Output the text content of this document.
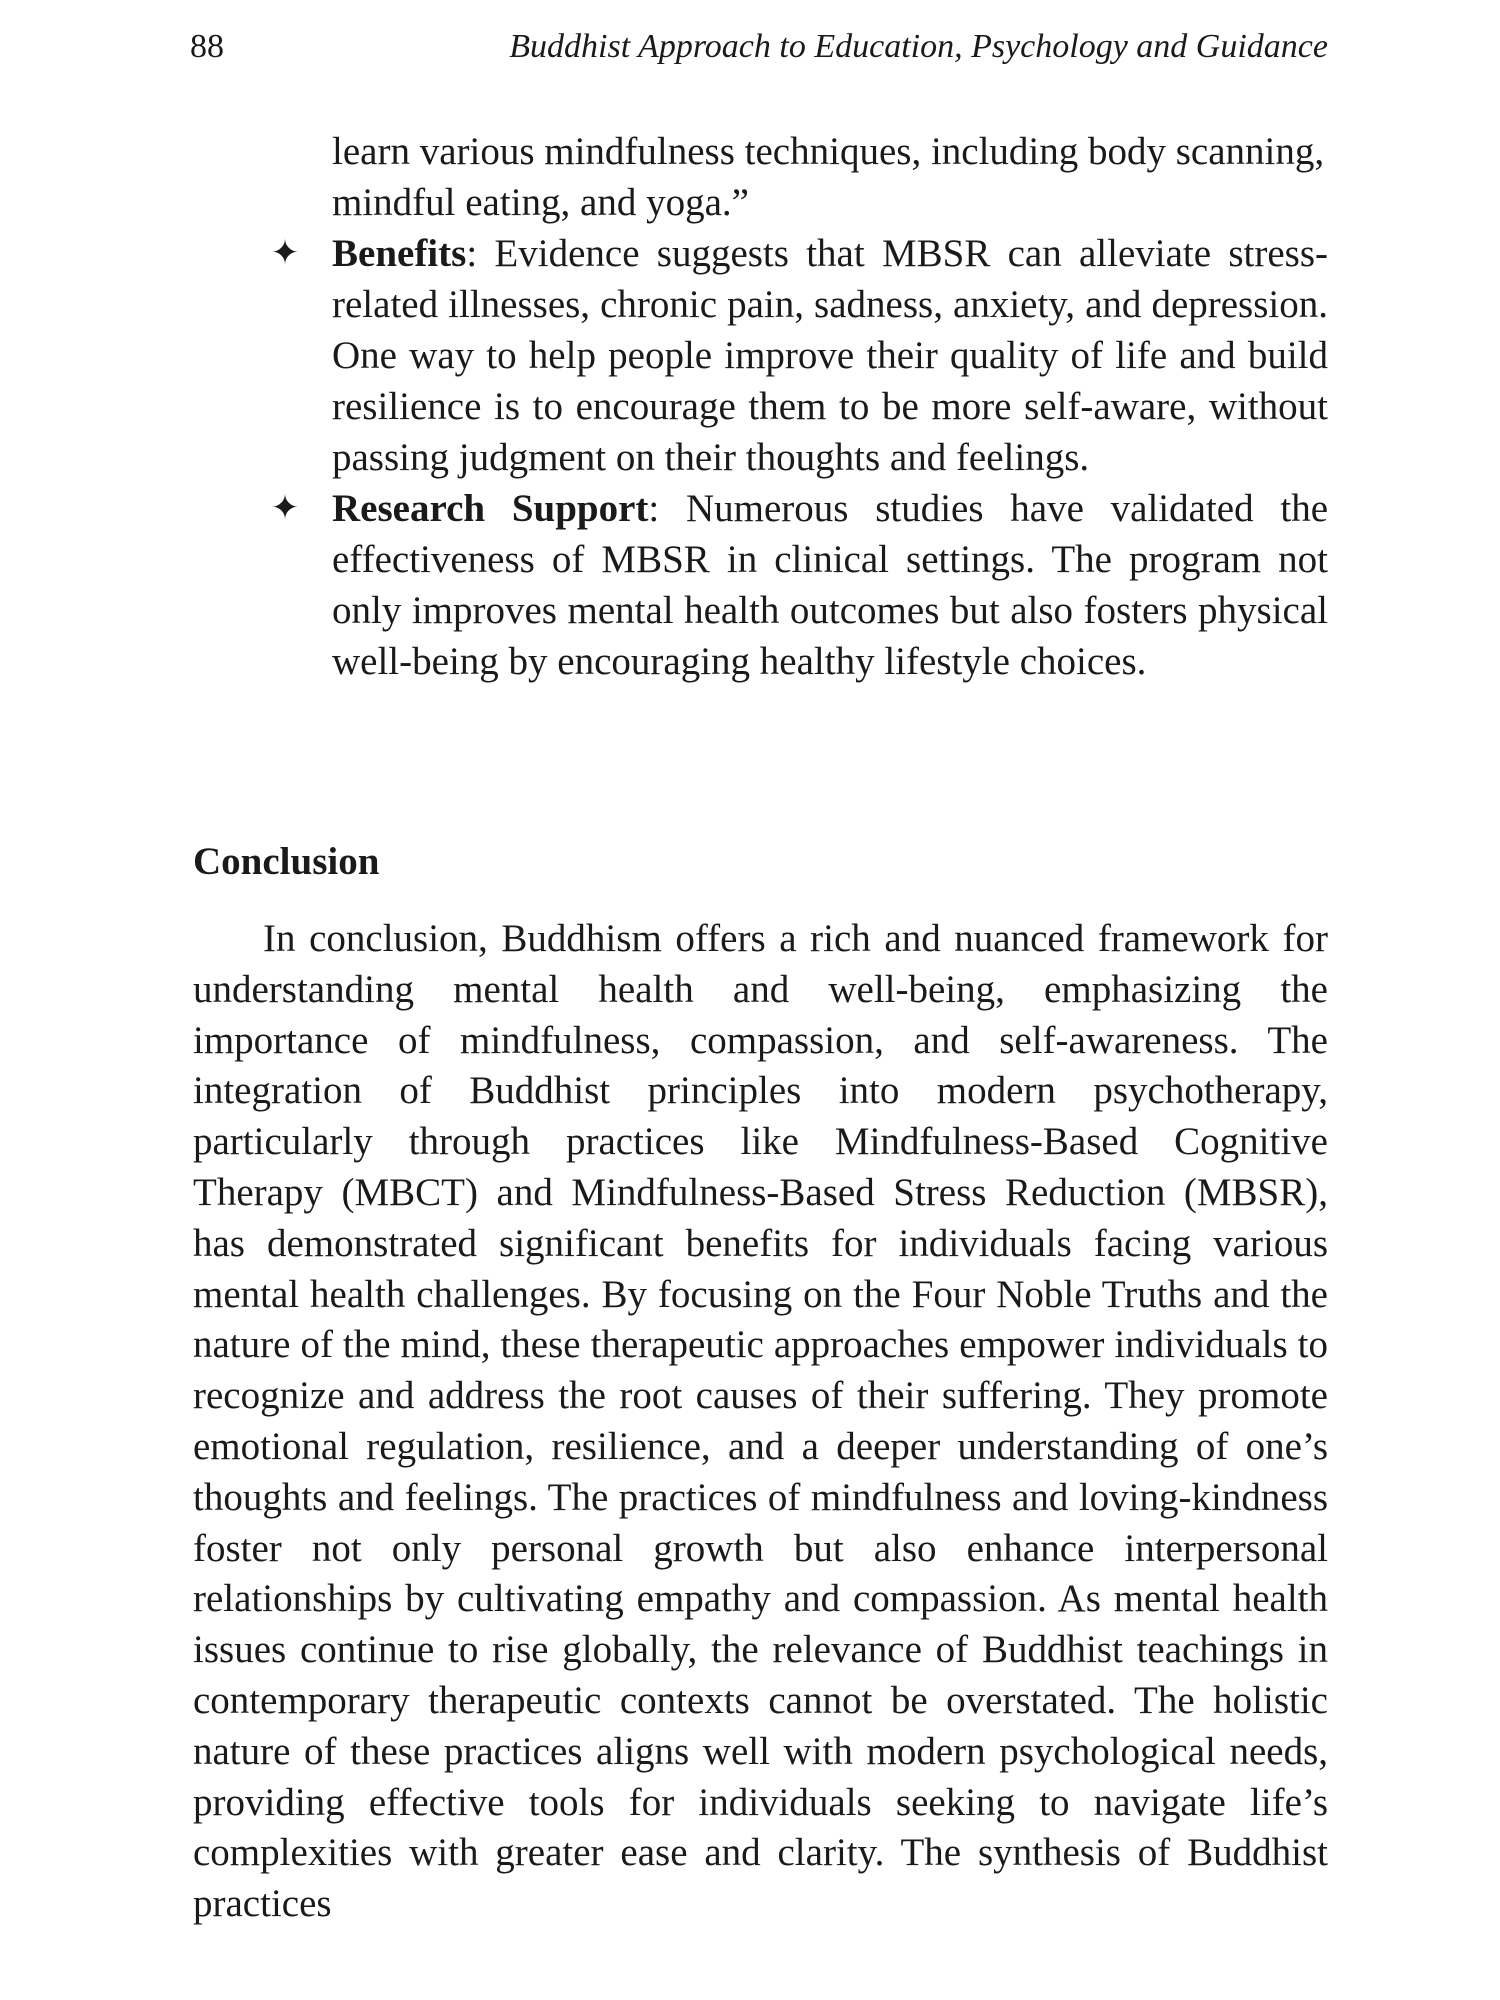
88	Buddhist Approach to Education, Psychology and Guidance

learn various mindfulness techniques, including body scanning, mindful eating, and yoga.”

✦ Benefits: Evidence suggests that MBSR can alleviate stress-related illnesses, chronic pain, sadness, anxiety, and depression. One way to help people improve their quality of life and build resilience is to encourage them to be more self-aware, without passing judgment on their thoughts and feelings.

✦ Research Support: Numerous studies have validated the effectiveness of MBSR in clinical settings. The program not only improves mental health outcomes but also fosters physical well-being by encouraging healthy lifestyle choices.

Conclusion

In conclusion, Buddhism offers a rich and nuanced framework for understanding mental health and well-being, emphasizing the importance of mindfulness, compassion, and self-awareness. The integration of Buddhist principles into modern psychotherapy, particularly through practices like Mindfulness-Based Cognitive Therapy (MBCT) and Mindfulness-Based Stress Reduction (MBSR), has demonstrated significant benefits for individuals facing various mental health challenges. By focusing on the Four Noble Truths and the nature of the mind, these therapeutic approaches empower individuals to recognize and address the root causes of their suffering. They promote emotional regulation, resilience, and a deeper understanding of one’s thoughts and feelings. The practices of mindfulness and loving-kindness foster not only personal growth but also enhance interpersonal relationships by cultivating empathy and compassion. As mental health issues continue to rise globally, the relevance of Buddhist teachings in contemporary therapeutic contexts cannot be overstated. The holistic nature of these practices aligns well with modern psychological needs, providing effective tools for individuals seeking to navigate life’s complexities with greater ease and clarity. The synthesis of Buddhist practices
